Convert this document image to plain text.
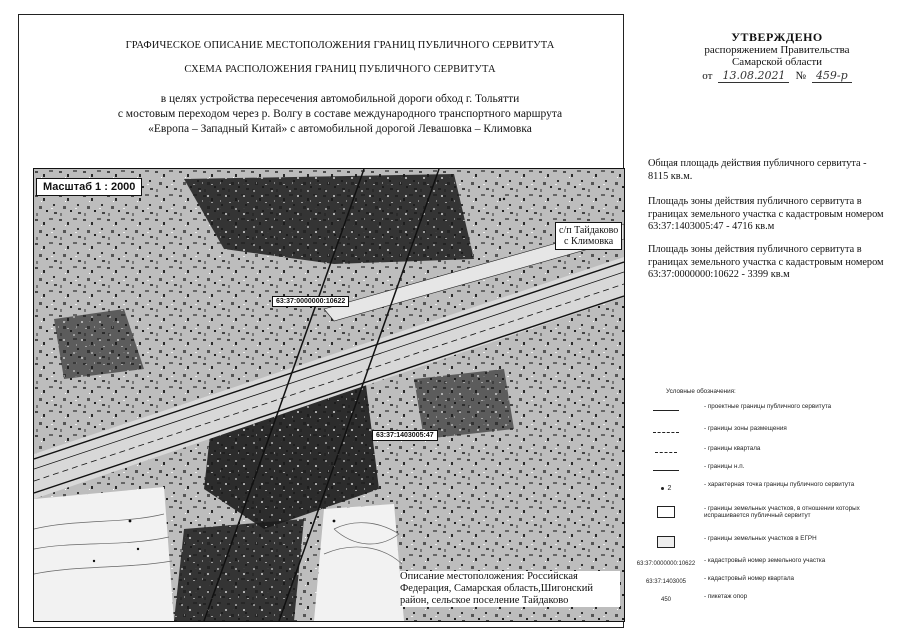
ГРАФИЧЕСКОЕ ОПИСАНИЕ МЕСТОПОЛОЖЕНИЯ ГРАНИЦ ПУБЛИЧНОГО СЕРВИТУТА
СХЕМА РАСПОЛОЖЕНИЯ ГРАНИЦ ПУБЛИЧНОГО СЕРВИТУТА
в целях устройства пересечения автомобильной дороги обход г. Тольятти
с мостовым переходом через р. Волгу в составе международного транспортного маршрута
«Европа – Западный Китай» с автомобильной дорогой Левашовка – Климовка
УТВЕРЖДЕНО
распоряжением Правительства
Самарской области
от 13.08.2021 № 459-р
Масштаб 1 : 2000
63:37:0000000:10622
63:37:1403005:47
с/п Тайдаково
с Климовка
Описание местоположения: Российская Федерация, Самарская область,Шигонский район, сельское поселение Тайдаково
Общая площадь действия публичного сервитута - 8115 кв.м.
Площадь зоны действия публичного сервитута в границах земельного участка с кадастровым номером 63:37:1403005:47 - 4716 кв.м
Площадь зоны действия публичного сервитута в границах земельного участка с кадастровым номером 63:37:0000000:10622 - 3399 кв.м
Условные обозначения:
- проектные границы публичного сервитута
- границы зоны размещения
- границы квартала
- границы н.п.
2	- характерная точка границы публичного сервитута
- границы земельных участков, в отношении которых испрашивается публичный сервитут
- границы земельных участков в ЕГРН
63:37:0000000:10622 - кадастровый номер земельного участка
63:37:1403005	- кадастровый номер квартала
450	- пикетаж опор
